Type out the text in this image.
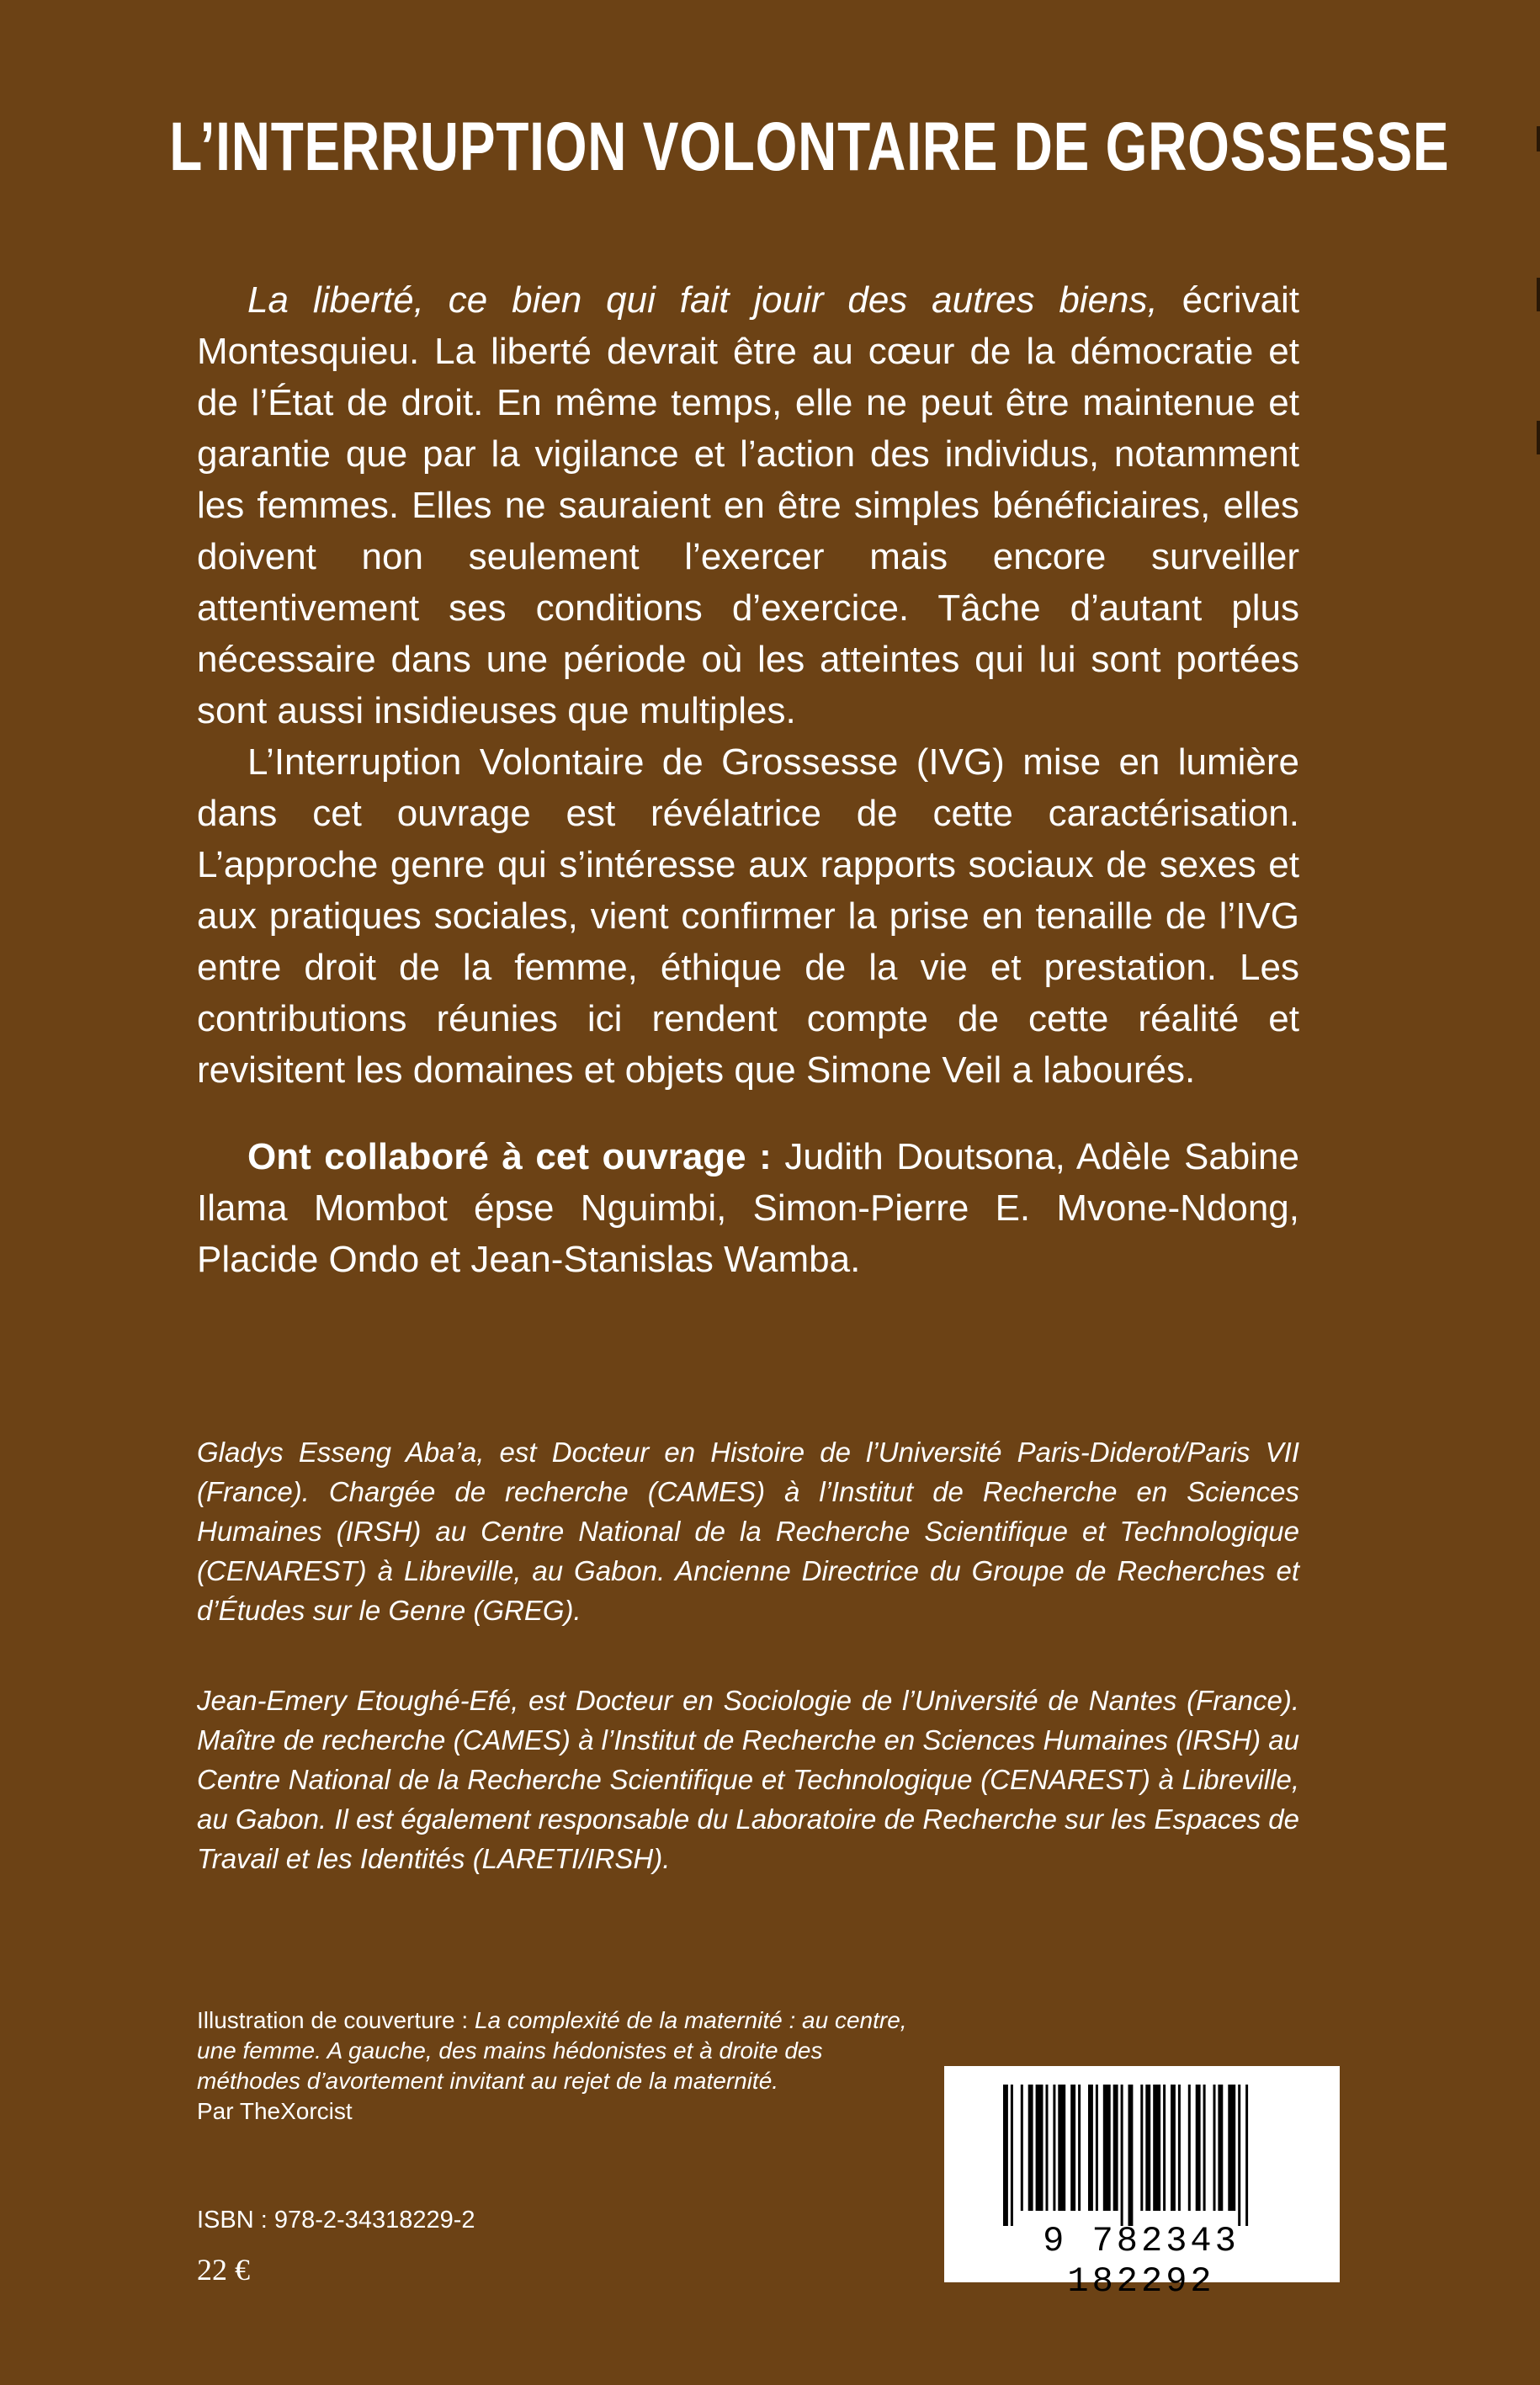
L’INTERRUPTION VOLONTAIRE DE GROSSESSE

La liberté, ce bien qui fait jouir des autres biens, écrivait Montesquieu. La liberté devrait être au cœur de la démocratie et de l’État de droit. En même temps, elle ne peut être maintenue et garantie que par la vigilance et l’action des individus, notamment les femmes. Elles ne sauraient en être simples bénéficiaires, elles doivent non seulement l’exercer mais encore surveiller attentivement ses conditions d’exercice. Tâche d’autant plus nécessaire dans une période où les atteintes qui lui sont portées sont aussi insidieuses que multiples.

L’Interruption Volontaire de Grossesse (IVG) mise en lumière dans cet ouvrage est révélatrice de cette caractérisation. L’approche genre qui s’intéresse aux rapports sociaux de sexes et aux pratiques sociales, vient confirmer la prise en tenaille de l’IVG entre droit de la femme, éthique de la vie et prestation. Les contributions réunies ici rendent compte de cette réalité et revisitent les domaines et objets que Simone Veil a labourés.

Ont collaboré à cet ouvrage : Judith Doutsona, Adèle Sabine Ilama Mombot épse Nguimbi, Simon-Pierre E. Mvone-Ndong, Placide Ondo et Jean-Stanislas Wamba.

Gladys Esseng Aba’a, est Docteur en Histoire de l’Université Paris-Diderot/Paris VII (France). Chargée de recherche (CAMES) à l’Institut de Recherche en Sciences Humaines (IRSH) au Centre National de la Recherche Scientifique et Technologique (CENAREST) à Libreville, au Gabon. Ancienne Directrice du Groupe de Recherches et d’Études sur le Genre (GREG).
Jean-Emery Etoughé-Efé, est Docteur en Sociologie de l’Université de Nantes (France). Maître de recherche (CAMES) à l’Institut de Recherche en Sciences Humaines (IRSH) au Centre National de la Recherche Scientifique et Technologique (CENAREST) à Libreville, au Gabon. Il est également responsable du Laboratoire de Recherche sur les Espaces de Travail et les Identités (LARETI/IRSH).
Illustration de couverture : La complexité de la maternité : au centre, une femme. A gauche, des mains hédonistes et à droite des méthodes d’avortement invitant au rejet de la maternité.
Par TheXorcist
ISBN : 978-2-34318229-2
22 €
9 782343 182292
